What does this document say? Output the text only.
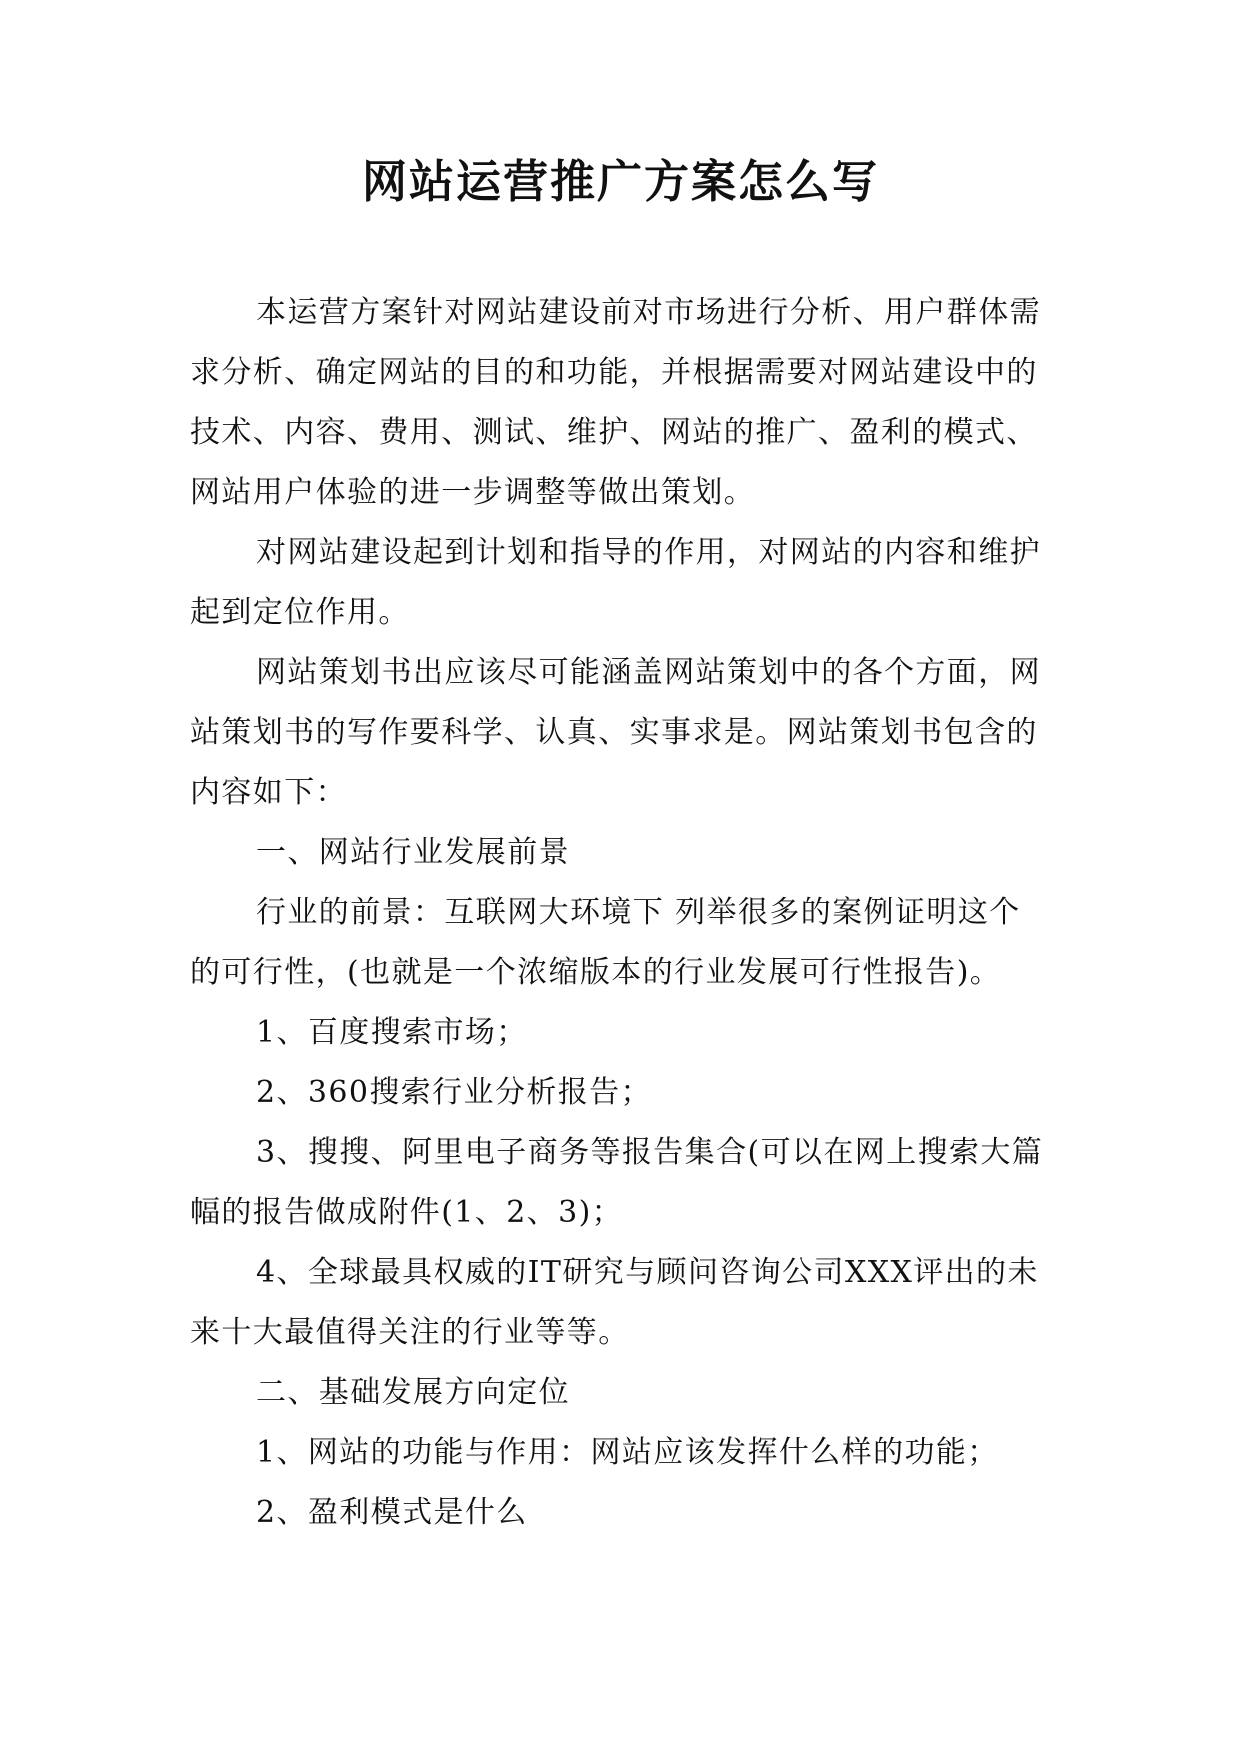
网站运营推广方案怎么写

本运营方案针对网站建设前对市场进行分析、用户群体需求分析、确定网站的目的和功能，并根据需要对网站建设中的技术、内容、费用、测试、维护、网站的推广、盈利的模式、网站用户体验的进一步调整等做出策划。

对网站建设起到计划和指导的作用，对网站的内容和维护起到定位作用。

网站策划书出应该尽可能涵盖网站策划中的各个方面，网站策划书的写作要科学、认真、实事求是。网站策划书包含的内容如下：

一、网站行业发展前景

行业的前景：互联网大环境下 列举很多的案例证明这个的可行性，(也就是一个浓缩版本的行业发展可行性报告)。

1、百度搜索市场；

2、360搜索行业分析报告；

3、搜搜、阿里电子商务等报告集合(可以在网上搜索大篇幅的报告做成附件(1、2、3)；

4、全球最具权威的IT研究与顾问咨询公司XXX评出的未来十大最值得关注的行业等等。

二、基础发展方向定位

1、网站的功能与作用：网站应该发挥什么样的功能；

2、盈利模式是什么
